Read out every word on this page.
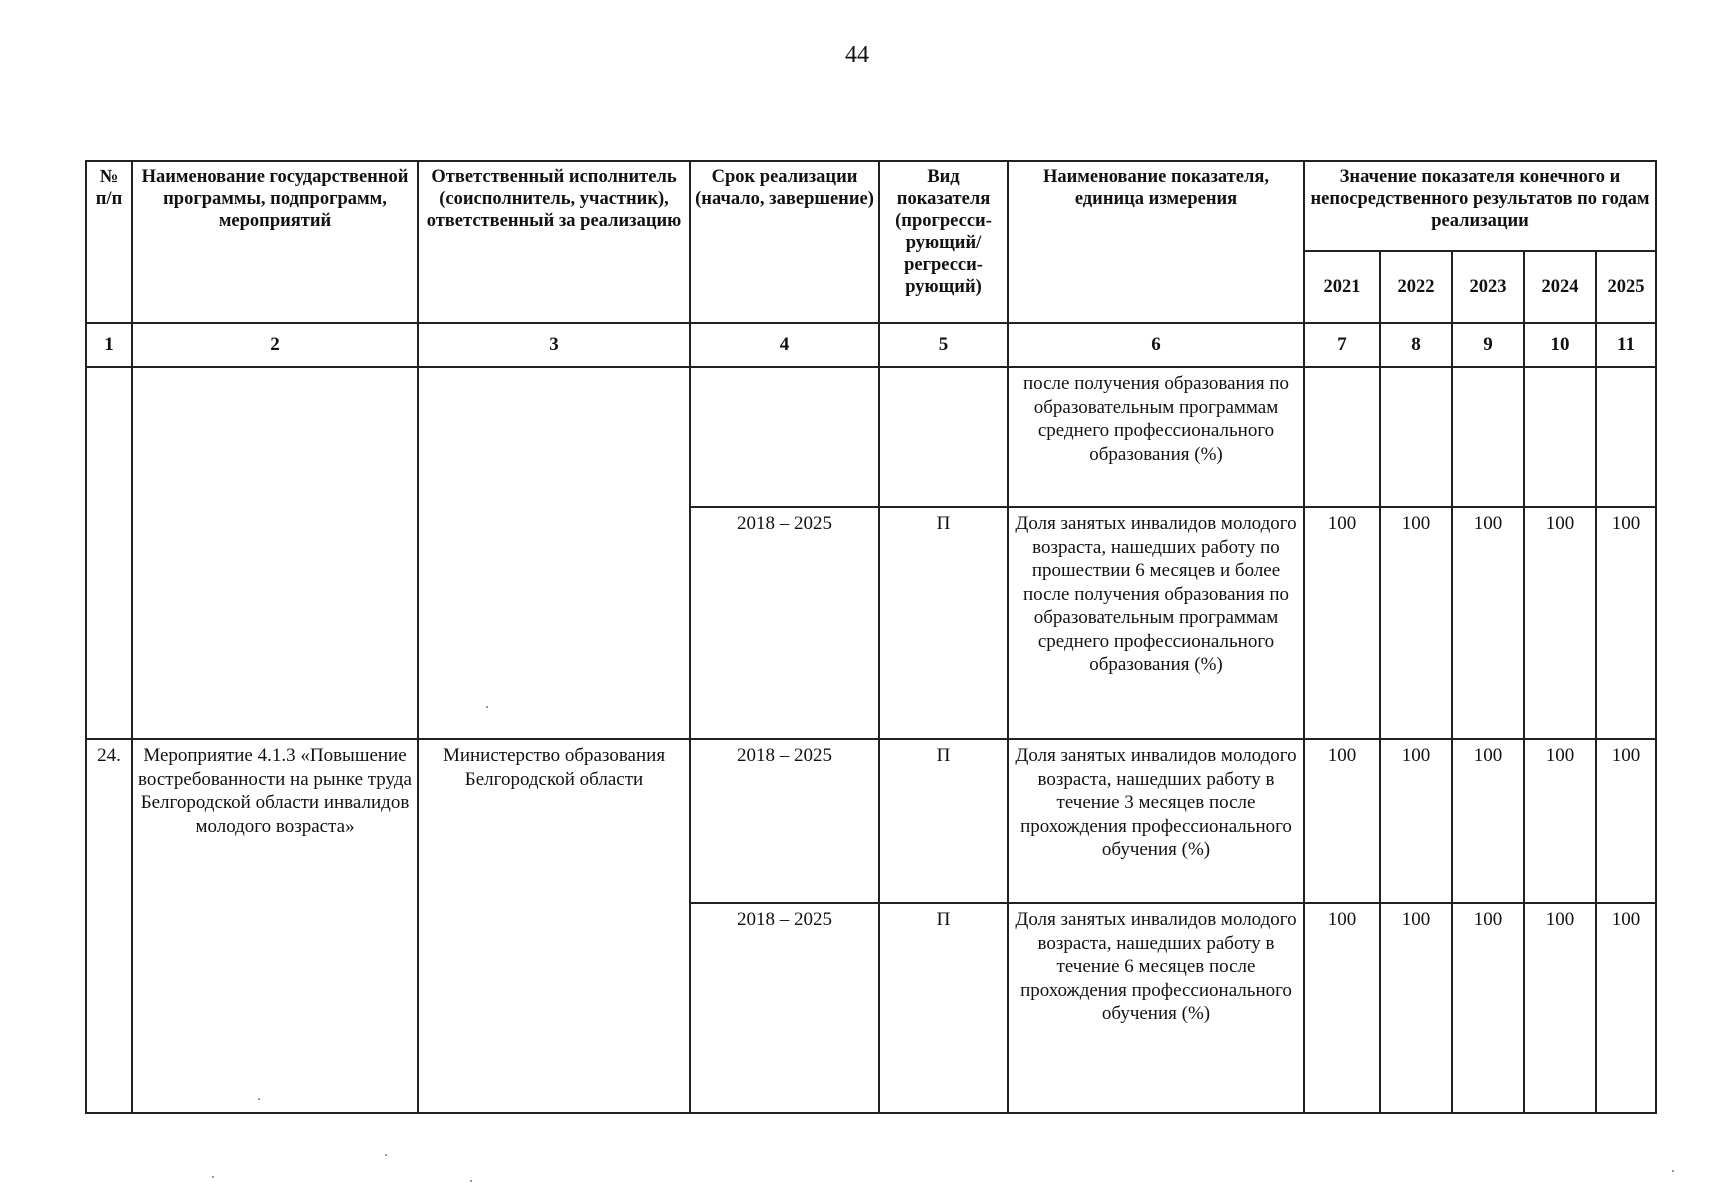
44
№ п/п	Наименование государственной программы, подпрограмм, мероприятий	Ответственный исполнитель (соисполнитель, участник), ответственный за реализацию	Срок реализации (начало, завершение)	Вид показателя (прогресси-рующий/ регресси-рующий)	Наименование показателя, единица измерения	Значение показателя конечного и непосредственного результатов по годам реализации				
						2021	2022	2023	2024	2025
1	2	3	4	5	6	7	8	9	10	11
					после получения образования по образовательным программам среднего профессионального образования (%)					
			2018 – 2025	П	Доля занятых инвалидов молодого возраста, нашедших работу по прошествии 6 месяцев и более после получения образования по образовательным программам среднего профессионального образования (%)	100	100	100	100	100
24.	Мероприятие 4.1.3 «Повышение востребованности на рынке труда Белгородской области инвалидов молодого возраста»	Министерство образования Белгородской области	2018 – 2025	П	Доля занятых инвалидов молодого возраста, нашедших работу в течение 3 месяцев после прохождения профессионального обучения (%)	100	100	100	100	100
			2018 – 2025	П	Доля занятых инвалидов молодого возраста, нашедших работу в течение 6 месяцев после прохождения профессионального обучения (%)	100	100	100	100	100
